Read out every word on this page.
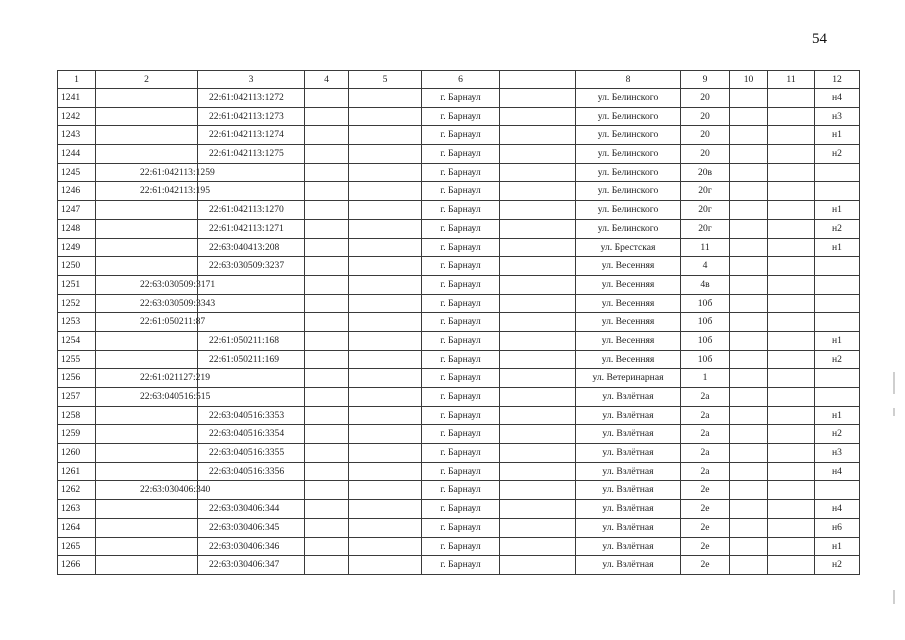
54
1	2	3	4	5	6		8	9	10	11	12
1241		22:61:042113:1272			г. Барнаул		ул. Белинского	20			н4
1242		22:61:042113:1273			г. Барнаул		ул. Белинского	20			н3
1243		22:61:042113:1274			г. Барнаул		ул. Белинского	20			н1
1244		22:61:042113:1275			г. Барнаул		ул. Белинского	20			н2
1245	22:61:042113:1259				г. Барнаул		ул. Белинского	20в			
1246	22:61:042113:195				г. Барнаул		ул. Белинского	20г			
1247		22:61:042113:1270			г. Барнаул		ул. Белинского	20г			н1
1248		22:61:042113:1271			г. Барнаул		ул. Белинского	20г			н2
1249		22:63:040413:208			г. Барнаул		ул. Брестская	11			н1
1250		22:63:030509:3237			г. Барнаул		ул. Весенняя	4			
1251	22:63:030509:3171				г. Барнаул		ул. Весенняя	4в			
1252	22:63:030509:3343				г. Барнаул		ул. Весенняя	10б			
1253	22:61:050211:87				г. Барнаул		ул. Весенняя	10б			
1254		22:61:050211:168			г. Барнаул		ул. Весенняя	10б			н1
1255		22:61:050211:169			г. Барнаул		ул. Весенняя	10б			н2
1256	22:61:021127:219				г. Барнаул		ул. Ветеринарная	1			
1257	22:63:040516:515				г. Барнаул		ул. Взлётная	2а			
1258		22:63:040516:3353			г. Барнаул		ул. Взлётная	2а			н1
1259		22:63:040516:3354			г. Барнаул		ул. Взлётная	2а			н2
1260		22:63:040516:3355			г. Барнаул		ул. Взлётная	2а			н3
1261		22:63:040516:3356			г. Барнаул		ул. Взлётная	2а			н4
1262	22:63:030406:340				г. Барнаул		ул. Взлётная	2е			
1263		22:63:030406:344			г. Барнаул		ул. Взлётная	2е			н4
1264		22:63:030406:345			г. Барнаул		ул. Взлётная	2е			н6
1265		22:63:030406:346			г. Барнаул		ул. Взлётная	2е			н1
1266		22:63:030406:347			г. Барнаул		ул. Взлётная	2е			н2
